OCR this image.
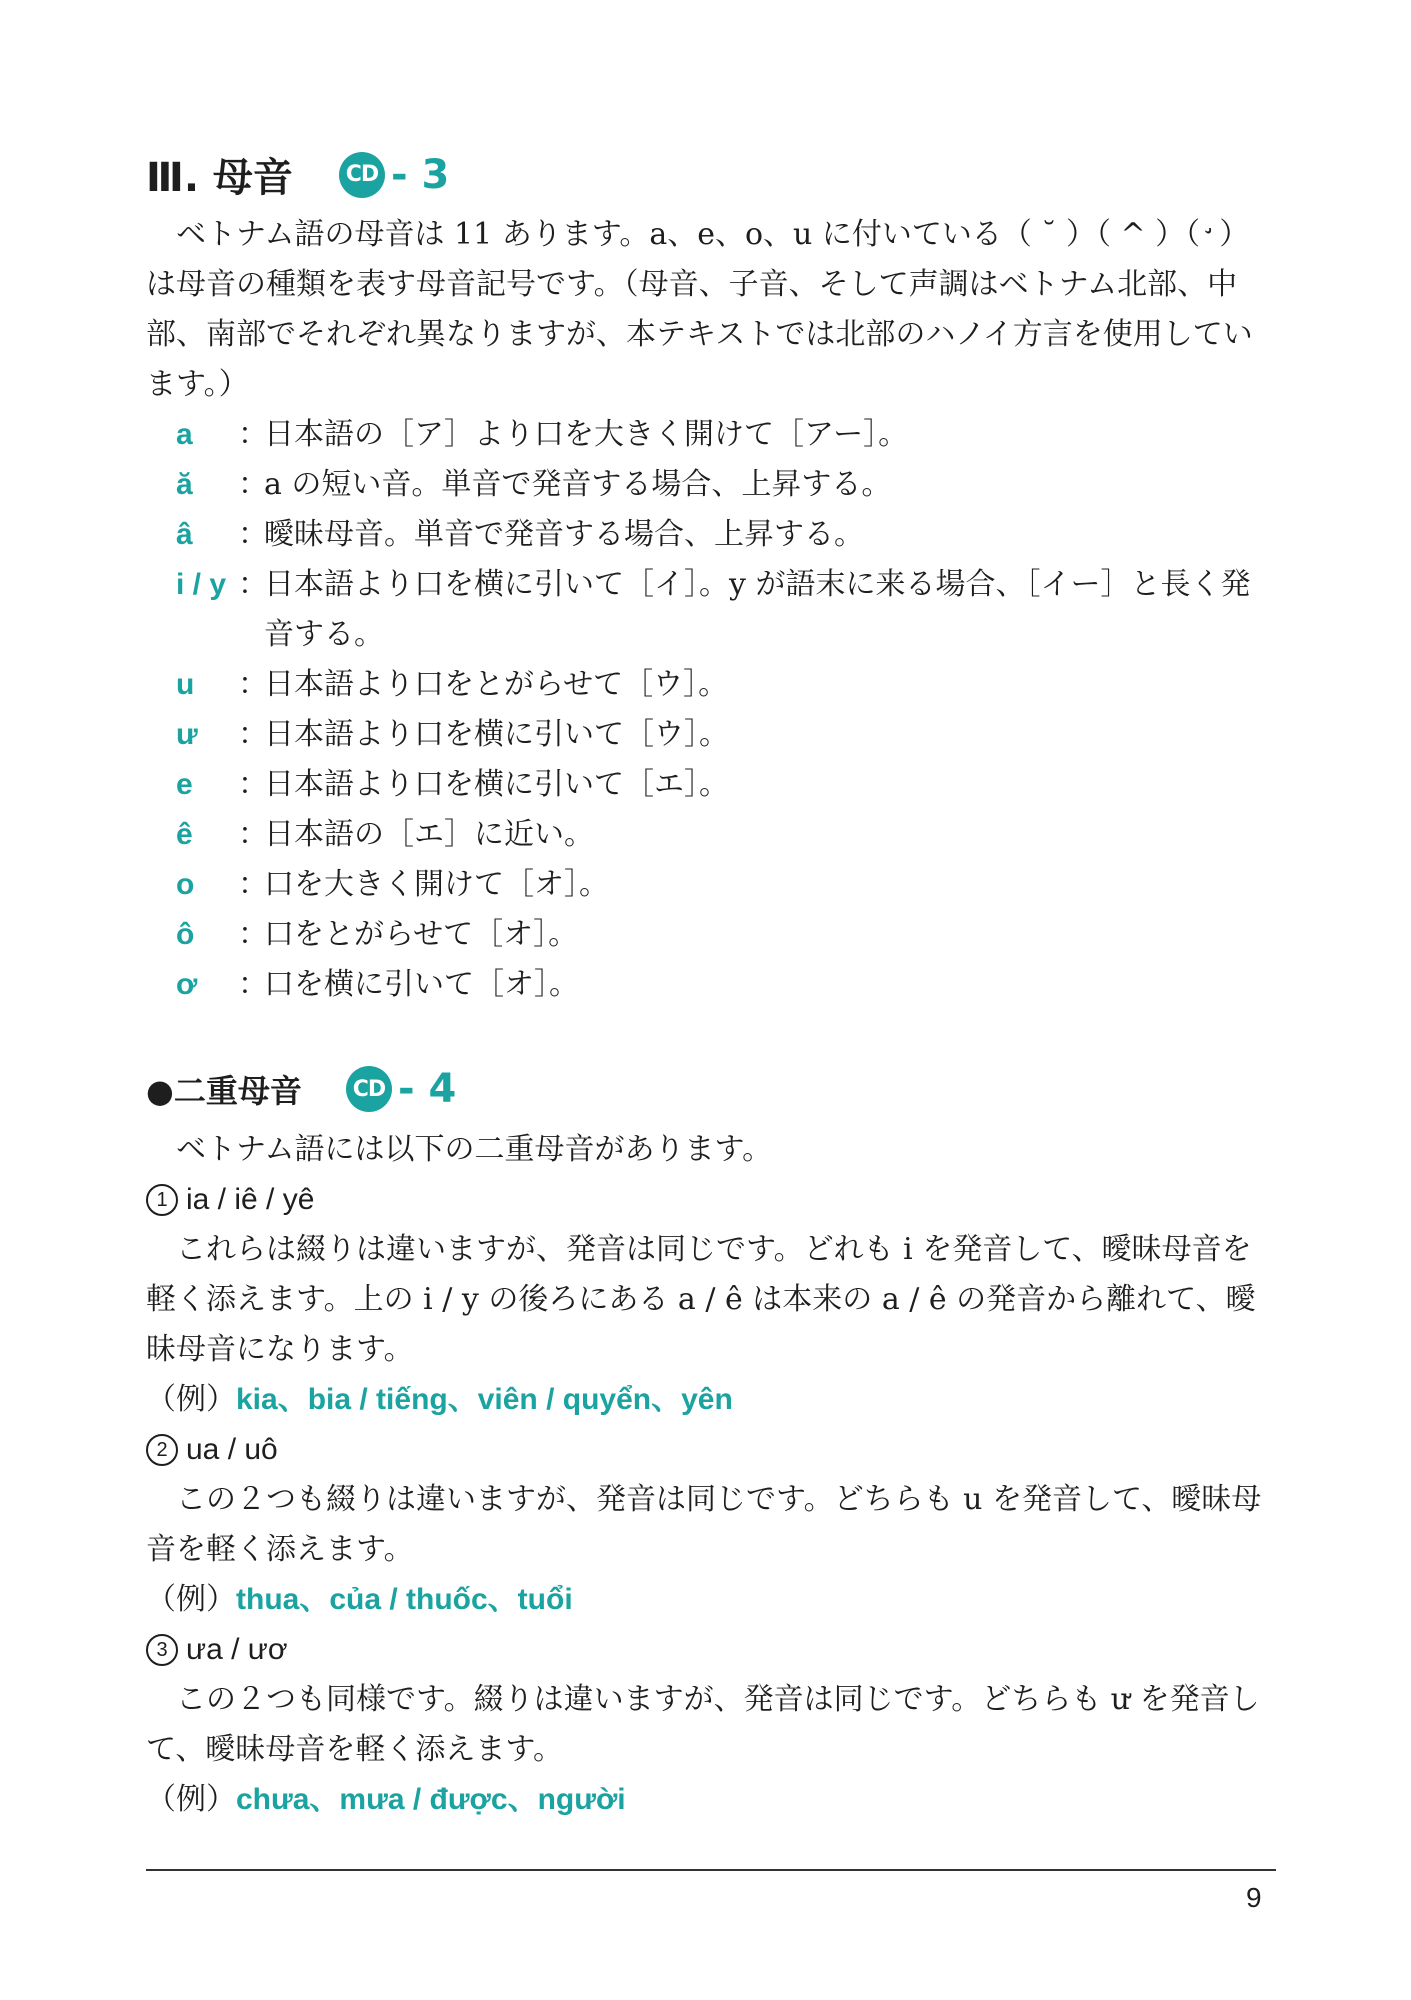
Ⅲ. 母音	CD - 3

ベトナム語の母音は 11 あります。a、e、o、u に付いている（ ˘ ）（ ^ ）（ ̛ ）は母音の種類を表す母音記号です。（母音、子音、そして声調はベトナム北部、中部、南部でそれぞれ異なりますが、本テキストでは北部のハノイ方言を使用しています。）

a ：
日本語の［ア］より口を大きく開けて［アー］。
ă ：
a の短い音。単音で発音する場合、上昇する。
â ：
曖昧母音。単音で発音する場合、上昇する。
i / y ：
日本語より口を横に引いて［イ］。y が語末に来る場合、［イー］と長く発音する。
u ：
日本語より口をとがらせて［ウ］。
ư ：
日本語より口を横に引いて［ウ］。
e ：
日本語より口を横に引いて［エ］。
ê ：
日本語の［エ］に近い。
o ：
口を大きく開けて［オ］。
ô ：
口をとがらせて［オ］。
ơ ：
口を横に引いて［オ］。
●二重母音	CD - 4

ベトナム語には以下の二重母音があります。

1 ia / iê / yê

これらは綴りは違いますが、発音は同じです。どれも i を発音して、曖昧母音を軽く添えます。上の i / y の後ろにある a / ê は本来の a / ê の発音から離れて、曖昧母音になります。

（例）kia、bia / tiếng、viên / quyển、yên
2 ua / uô

この２つも綴りは違いますが、発音は同じです。どちらも u を発音して、曖昧母音を軽く添えます。

（例）thua、của / thuốc、tuổi
3 ưa / ươ

この２つも同様です。綴りは違いますが、発音は同じです。どちらも ư を発音して、曖昧母音を軽く添えます。

（例）chưa、mưa / được、người
9
